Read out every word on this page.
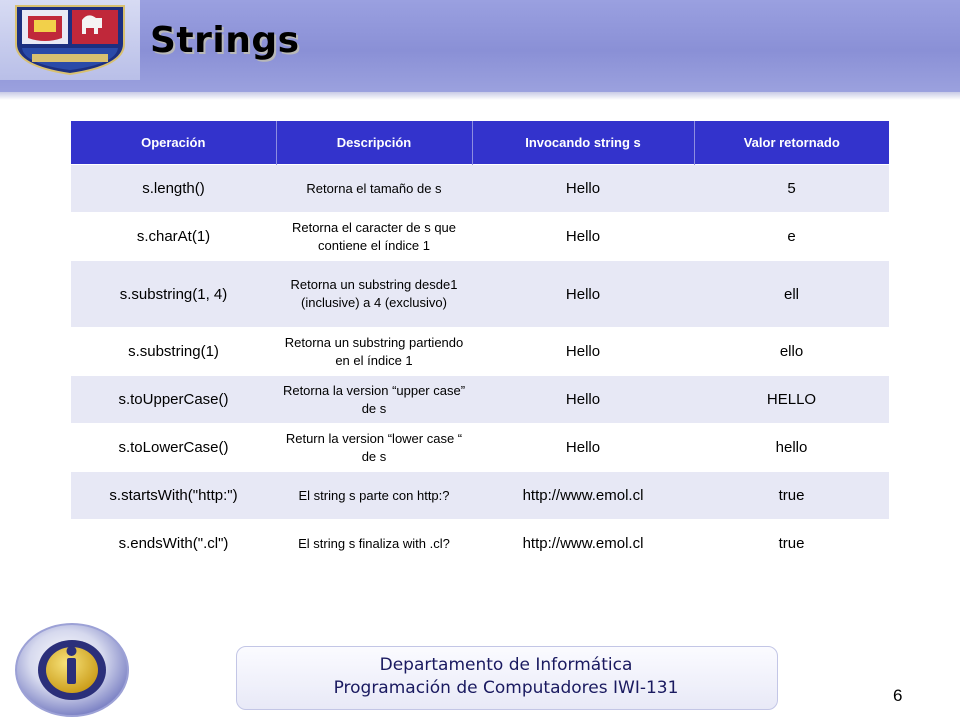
Strings
Operación	Descripción	Invocando string s	Valor retornado
s.length()	Retorna el tamaño de s	Hello	5
s.charAt(1)	Retorna el caracter de s que contiene el índice 1	Hello	e
s.substring(1, 4)	Retorna un substring desde1 (inclusive) a 4 (exclusivo)	Hello	ell
s.substring(1)	Retorna un substring partiendo en el índice 1	Hello	ello
s.toUpperCase()	Retorna la version “upper case” de s	Hello	HELLO
s.toLowerCase()	Return la version “lower case “ de s	Hello	hello
s.startsWith("http:")	El string s parte con http:?	http://www.emol.cl	true
s.endsWith(".cl")	El string s finaliza with .cl?	http://www.emol.cl	true
Departamento de Informática
Programación de Computadores IWI-131	6
